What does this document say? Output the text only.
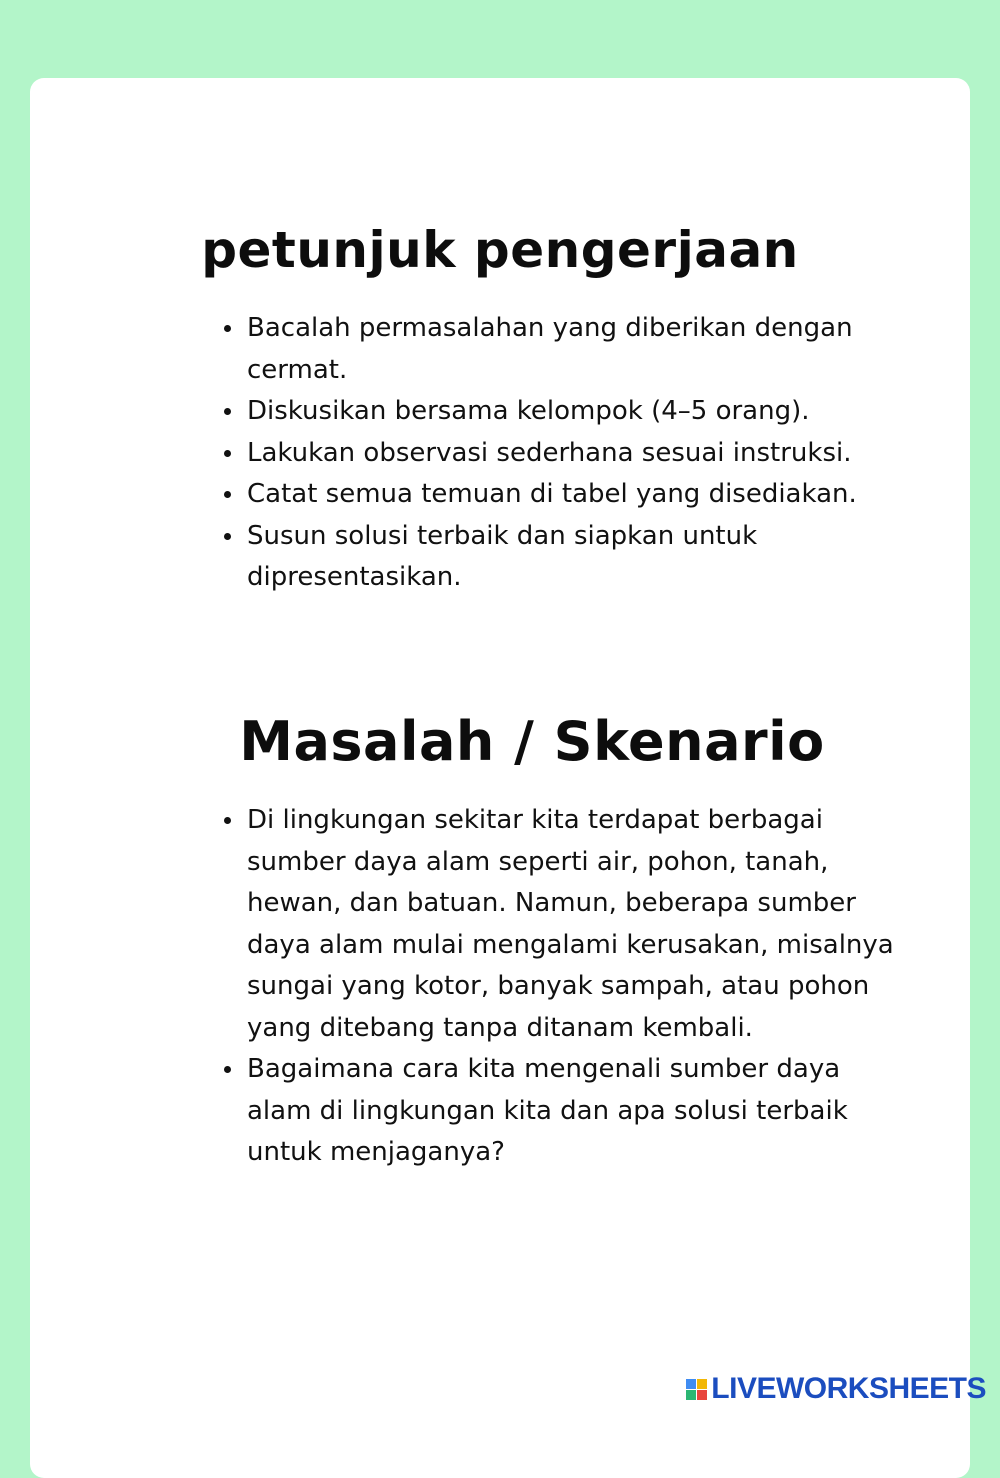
petunjuk pengerjaan
Bacalah permasalahan yang diberikan dengan cermat.
Diskusikan bersama kelompok (4–5 orang).
Lakukan observasi sederhana sesuai instruksi.
Catat semua temuan di tabel yang disediakan.
Susun solusi terbaik dan siapkan untuk dipresentasikan.
Masalah / Skenario
Di lingkungan sekitar kita terdapat berbagai sumber daya alam seperti air, pohon, tanah, hewan, dan batuan. Namun, beberapa sumber daya alam mulai mengalami kerusakan, misalnya sungai yang kotor, banyak sampah, atau pohon yang ditebang tanpa ditanam kembali.
Bagaimana cara kita mengenali sumber daya alam di lingkungan kita dan apa solusi terbaik untuk menjaganya?
LIVEWORKSHEETS
